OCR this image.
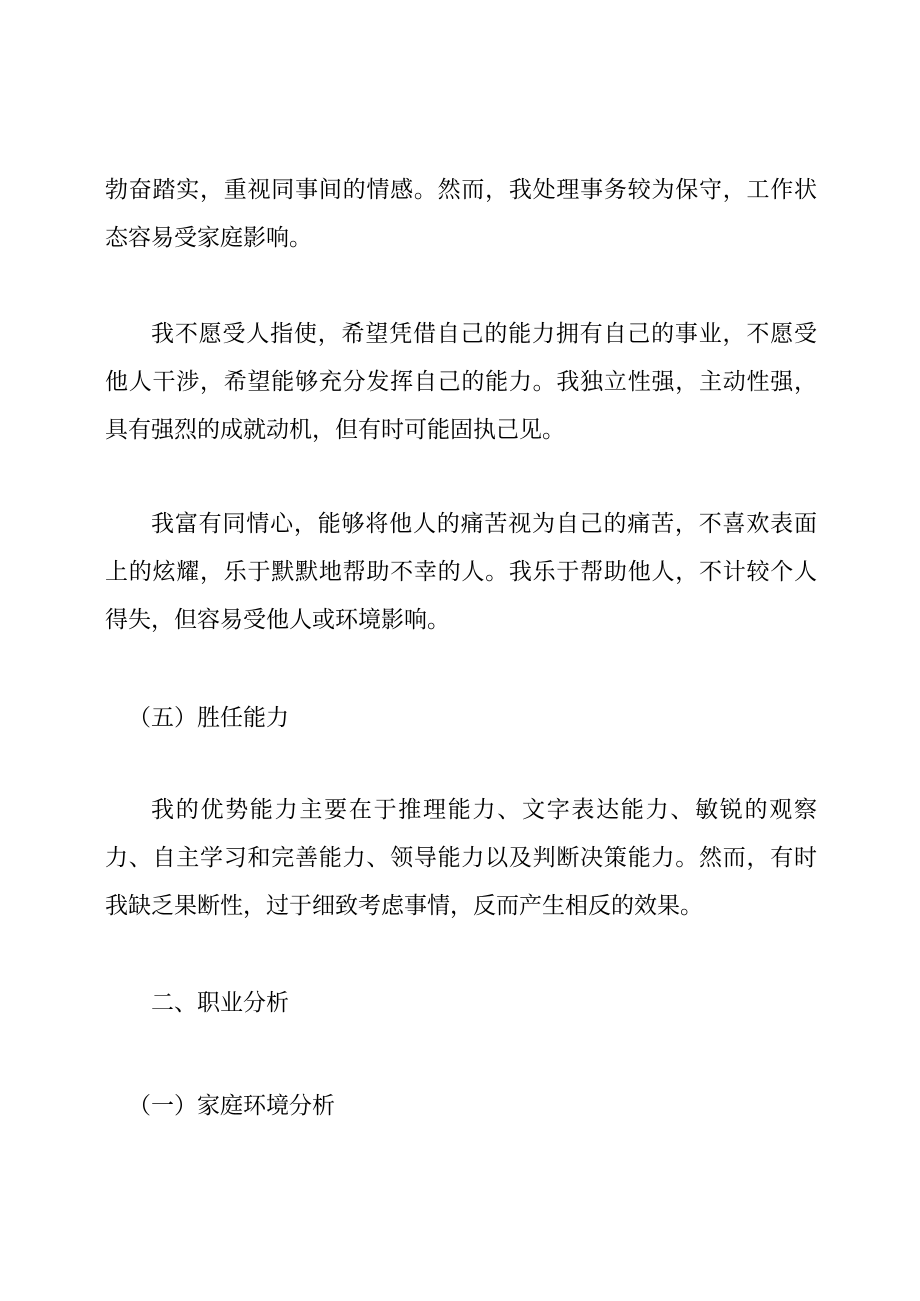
勃奋踏实，重视同事间的情感。然而，我处理事务较为保守，工作状态容易受家庭影响。

我不愿受人指使，希望凭借自己的能力拥有自己的事业，不愿受他人干涉，希望能够充分发挥自己的能力。我独立性强，主动性强，具有强烈的成就动机，但有时可能固执己见。

我富有同情心，能够将他人的痛苦视为自己的痛苦，不喜欢表面上的炫耀，乐于默默地帮助不幸的人。我乐于帮助他人，不计较个人得失，但容易受他人或环境影响。

（五）胜任能力

我的优势能力主要在于推理能力、文字表达能力、敏锐的观察力、自主学习和完善能力、领导能力以及判断决策能力。然而，有时我缺乏果断性，过于细致考虑事情，反而产生相反的效果。

二、职业分析
（一）家庭环境分析
